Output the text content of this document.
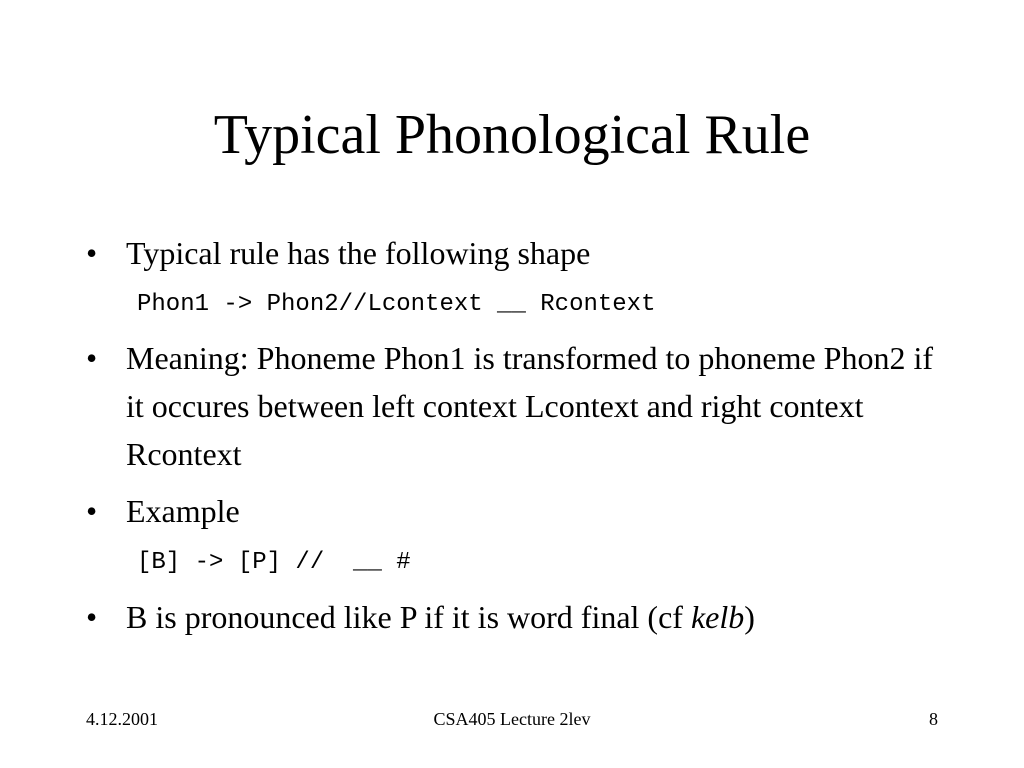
Typical Phonological Rule
• Typical rule has the following shape
Phon1 -> Phon2//Lcontext __ Rcontext
• Meaning: Phoneme Phon1 is transformed to phoneme Phon2 if it occures between left context Lcontext and right context Rcontext
• Example
[B] -> [P] //  __ #
• B is pronounced like P if it is word final (cf kelb)
4.12.2001	CSA405 Lecture 2lev	8
